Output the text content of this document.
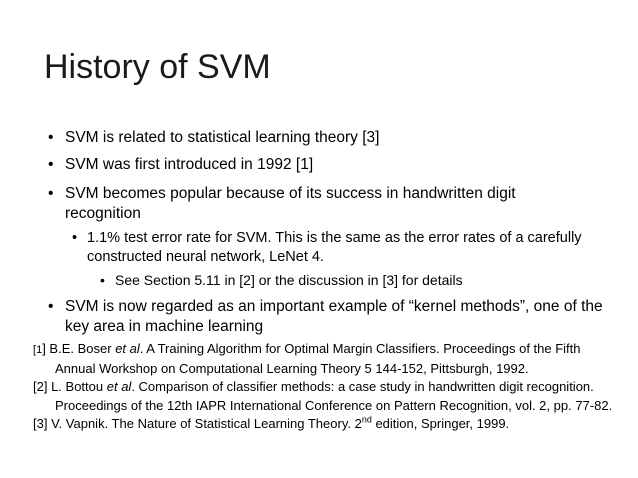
History of SVM
• SVM is related to statistical learning theory [3]
• SVM was first introduced in 1992 [1]
• SVM becomes popular because of its success in handwritten digit recognition
• 1.1% test error rate for SVM. This is the same as the error rates of a carefully constructed neural network, LeNet 4.
• See Section 5.11 in [2] or the discussion in [3] for details
• SVM is now regarded as an important example of “kernel methods”, one of the key area in machine learning
[1] B.E. Boser et al. A Training Algorithm for Optimal Margin Classifiers. Proceedings of the Fifth Annual Workshop on Computational Learning Theory 5 144-152, Pittsburgh, 1992.
[2] L. Bottou et al. Comparison of classifier methods: a case study in handwritten digit recognition. Proceedings of the 12th IAPR International Conference on Pattern Recognition, vol. 2, pp. 77-82.
[3] V. Vapnik. The Nature of Statistical Learning Theory. 2nd edition, Springer, 1999.
